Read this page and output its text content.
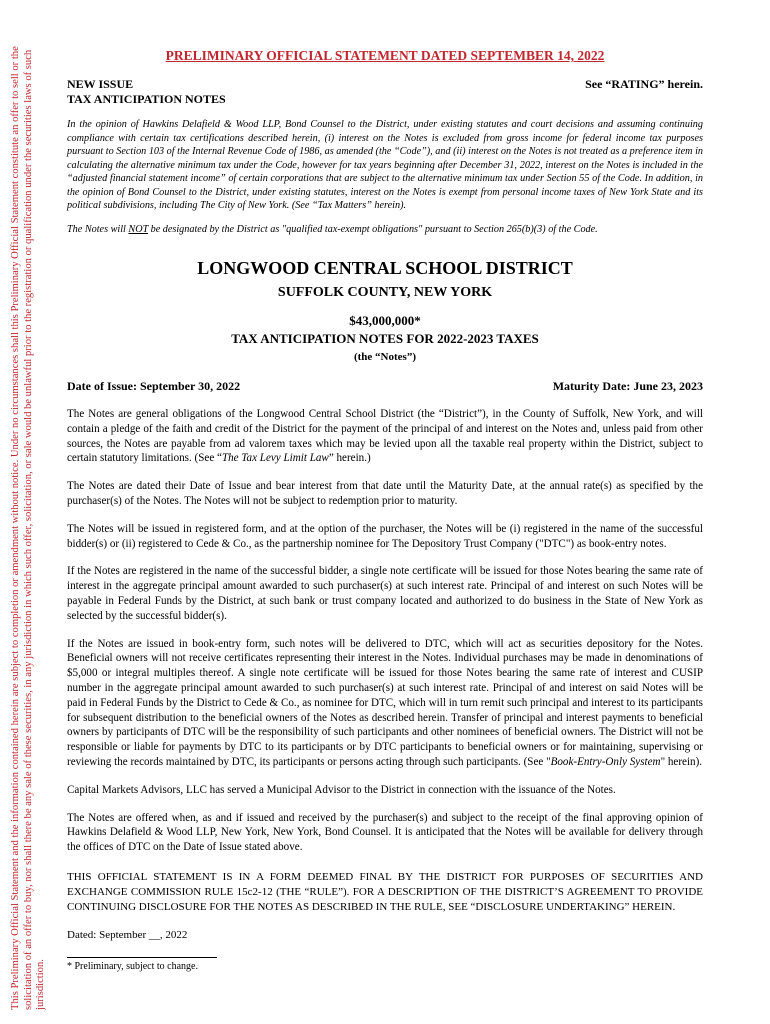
This Preliminary Official Statement and the information contained herein are subject to completion or amendment without notice. Under no circumstances shall this Preliminary Official Statement constitute an offer to sell or the solicitation of an offer to buy, nor shall there be any sale of these securities, in any jurisdiction in which such offer, solicitation, or sale would be unlawful prior to the registration or qualification under the securities laws of such jurisdiction.

PRELIMINARY OFFICIAL STATEMENT DATED SEPTEMBER 14, 2022

NEW ISSUE
TAX ANTICIPATION NOTES
See “RATING” herein.

In the opinion of Hawkins Delafield & Wood LLP, Bond Counsel to the District, under existing statutes and court decisions and assuming continuing compliance with certain tax certifications described herein, (i) interest on the Notes is excluded from gross income for federal income tax purposes pursuant to Section 103 of the Internal Revenue Code of 1986, as amended (the “Code”), and (ii) interest on the Notes is not treated as a preference item in calculating the alternative minimum tax under the Code, however for tax years beginning after December 31, 2022, interest on the Notes is included in the “adjusted financial statement income” of certain corporations that are subject to the alternative minimum tax under Section 55 of the Code. In addition, in the opinion of Bond Counsel to the District, under existing statutes, interest on the Notes is exempt from personal income taxes of New York State and its political subdivisions, including The City of New York. (See “Tax Matters” herein).

The Notes will NOT be designated by the District as "qualified tax-exempt obligations" pursuant to Section 265(b)(3) of the Code.

LONGWOOD CENTRAL SCHOOL DISTRICT

SUFFOLK COUNTY, NEW YORK

$43,000,000*

TAX ANTICIPATION NOTES FOR 2022-2023 TAXES

(the “Notes”)

Date of Issue: September 30, 2022	Maturity Date: June 23, 2023

The Notes are general obligations of the Longwood Central School District (the “District”), in the County of Suffolk, New York, and will contain a pledge of the faith and credit of the District for the payment of the principal of and interest on the Notes and, unless paid from other sources, the Notes are payable from ad valorem taxes which may be levied upon all the taxable real property within the District, subject to certain statutory limitations. (See “The Tax Levy Limit Law” herein.)

The Notes are dated their Date of Issue and bear interest from that date until the Maturity Date, at the annual rate(s) as specified by the purchaser(s) of the Notes. The Notes will not be subject to redemption prior to maturity.

The Notes will be issued in registered form, and at the option of the purchaser, the Notes will be (i) registered in the name of the successful bidder(s) or (ii) registered to Cede & Co., as the partnership nominee for The Depository Trust Company ("DTC") as book-entry notes.

If the Notes are registered in the name of the successful bidder, a single note certificate will be issued for those Notes bearing the same rate of interest in the aggregate principal amount awarded to such purchaser(s) at such interest rate. Principal of and interest on such Notes will be payable in Federal Funds by the District, at such bank or trust company located and authorized to do business in the State of New York as selected by the successful bidder(s).

If the Notes are issued in book-entry form, such notes will be delivered to DTC, which will act as securities depository for the Notes. Beneficial owners will not receive certificates representing their interest in the Notes. Individual purchases may be made in denominations of $5,000 or integral multiples thereof. A single note certificate will be issued for those Notes bearing the same rate of interest and CUSIP number in the aggregate principal amount awarded to such purchaser(s) at such interest rate. Principal of and interest on said Notes will be paid in Federal Funds by the District to Cede & Co., as nominee for DTC, which will in turn remit such principal and interest to its participants for subsequent distribution to the beneficial owners of the Notes as described herein. Transfer of principal and interest payments to beneficial owners by participants of DTC will be the responsibility of such participants and other nominees of beneficial owners. The District will not be responsible or liable for payments by DTC to its participants or by DTC participants to beneficial owners or for maintaining, supervising or reviewing the records maintained by DTC, its participants or persons acting through such participants. (See "Book-Entry-Only System" herein).

Capital Markets Advisors, LLC has served a Municipal Advisor to the District in connection with the issuance of the Notes.

The Notes are offered when, as and if issued and received by the purchaser(s) and subject to the receipt of the final approving opinion of Hawkins Delafield & Wood LLP, New York, New York, Bond Counsel. It is anticipated that the Notes will be available for delivery through the offices of DTC on the Date of Issue stated above.

THIS OFFICIAL STATEMENT IS IN A FORM DEEMED FINAL BY THE DISTRICT FOR PURPOSES OF SECURITIES AND EXCHANGE COMMISSION RULE 15c2-12 (THE “RULE”). FOR A DESCRIPTION OF THE DISTRICT’S AGREEMENT TO PROVIDE CONTINUING DISCLOSURE FOR THE NOTES AS DESCRIBED IN THE RULE, SEE “DISCLOSURE UNDERTAKING” HEREIN.

Dated: September __, 2022

* Preliminary, subject to change.
